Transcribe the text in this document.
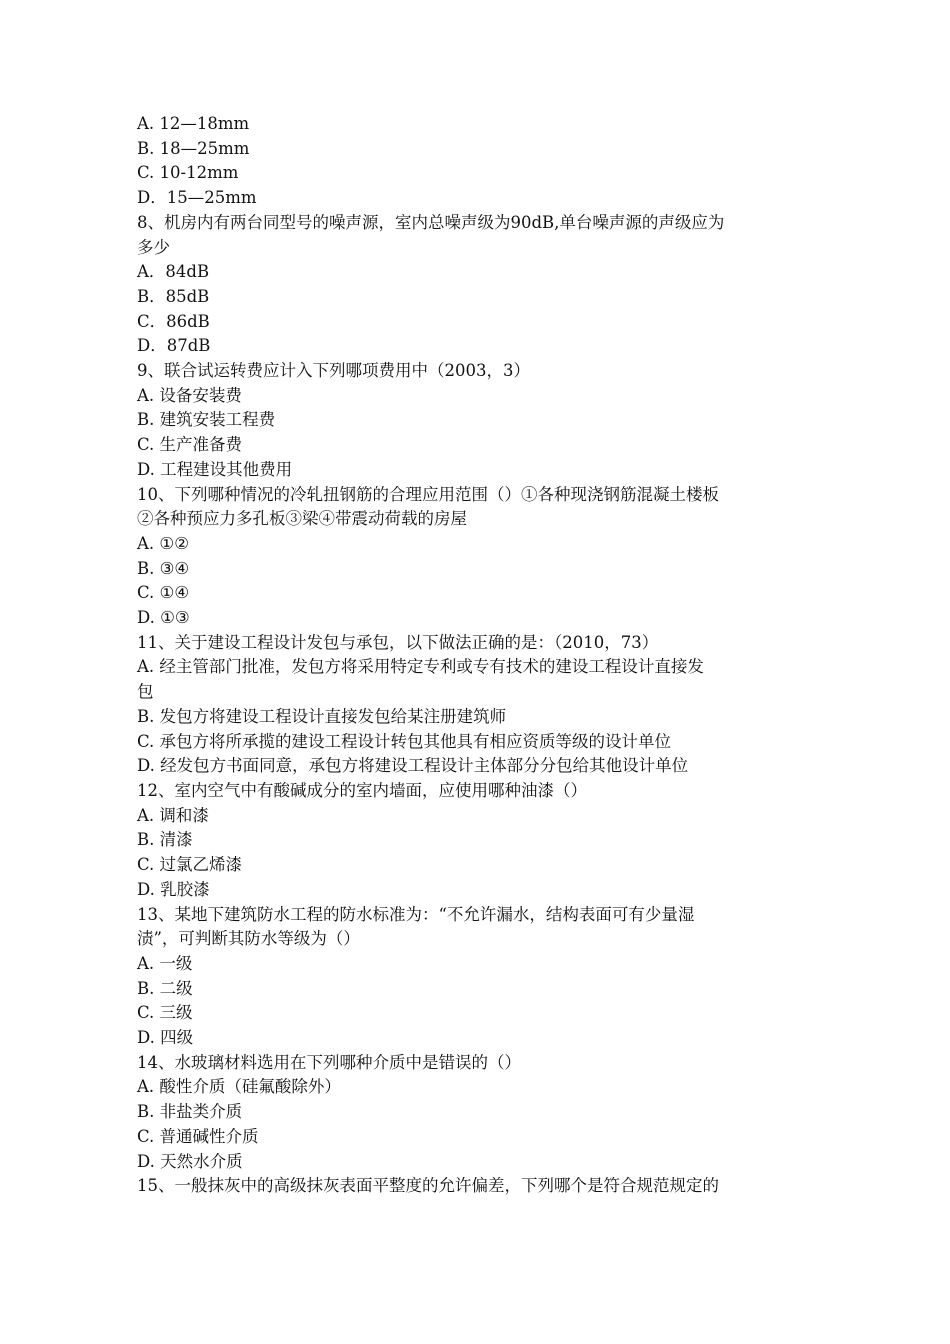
A. 12—18mm
B. 18—25mm
C. 10-12mm
D．15—25mm
8、机房内有两台同型号的噪声源，室内总噪声级为90dB,单台噪声源的声级应为
多少
A．84dB
B．85dB
C．86dB
D．87dB
9、联合试运转费应计入下列哪项费用中（2003，3）
A. 设备安装费
B. 建筑安装工程费
C. 生产准备费
D. 工程建设其他费用
10、下列哪种情况的冷轧扭钢筋的合理应用范围（）①各种现浇钢筋混凝土楼板
②各种预应力多孔板③梁④带震动荷载的房屋
A. ①②
B. ③④
C. ①④
D. ①③
11、关于建设工程设计发包与承包，以下做法正确的是：（2010，73）
A. 经主管部门批准，发包方将采用特定专利或专有技术的建设工程设计直接发
包
B. 发包方将建设工程设计直接发包给某注册建筑师
C. 承包方将所承揽的建设工程设计转包其他具有相应资质等级的设计单位
D. 经发包方书面同意，承包方将建设工程设计主体部分分包给其他设计单位
12、室内空气中有酸碱成分的室内墙面，应使用哪种油漆（）
A. 调和漆
B. 清漆
C. 过氯乙烯漆
D. 乳胶漆
13、某地下建筑防水工程的防水标准为：“不允许漏水，结构表面可有少量湿
渍”，可判断其防水等级为（）
A. 一级
B. 二级
C. 三级
D. 四级
14、水玻璃材料选用在下列哪种介质中是错误的（）
A. 酸性介质（硅氟酸除外）
B. 非盐类介质
C. 普通碱性介质
D. 天然水介质
15、一般抹灰中的高级抹灰表面平整度的允许偏差，下列哪个是符合规范规定的
